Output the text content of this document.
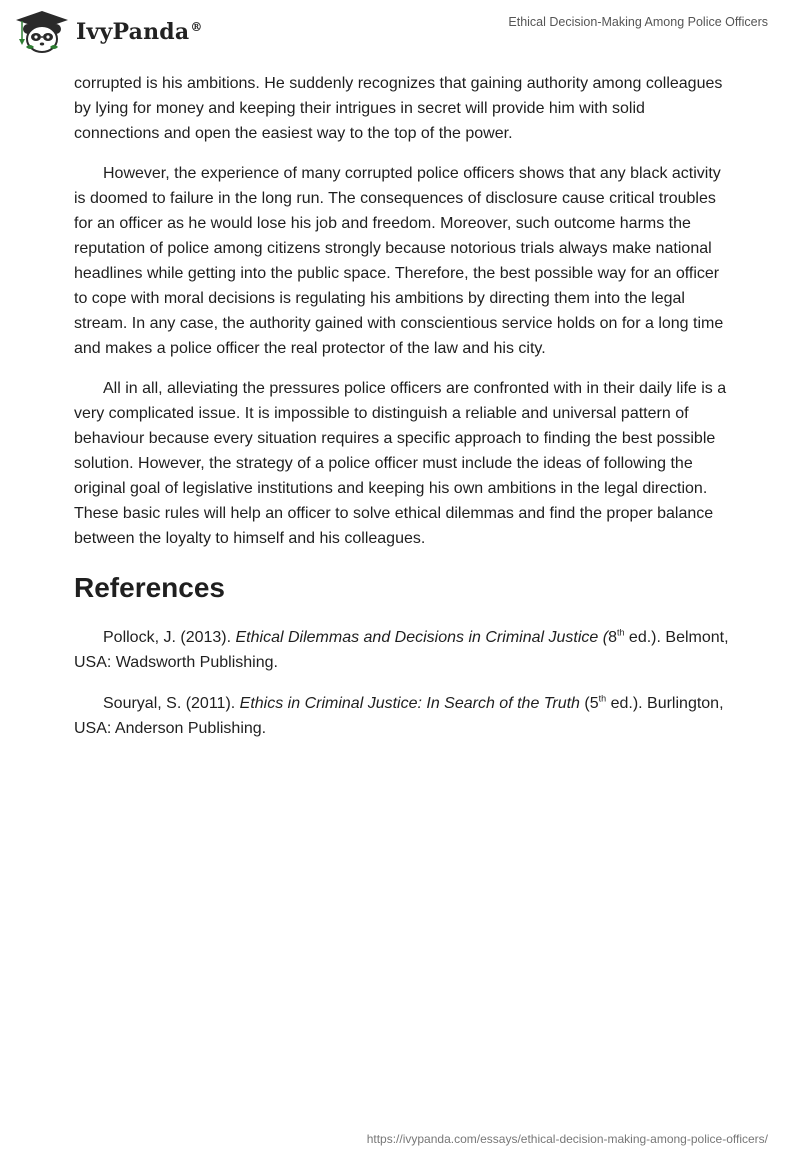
IvyPanda®	Ethical Decision-Making Among Police Officers

corrupted is his ambitions. He suddenly recognizes that gaining authority among colleagues by lying for money and keeping their intrigues in secret will provide him with solid connections and open the easiest way to the top of the power.

However, the experience of many corrupted police officers shows that any black activity is doomed to failure in the long run. The consequences of disclosure cause critical troubles for an officer as he would lose his job and freedom. Moreover, such outcome harms the reputation of police among citizens strongly because notorious trials always make national headlines while getting into the public space. Therefore, the best possible way for an officer to cope with moral decisions is regulating his ambitions by directing them into the legal stream. In any case, the authority gained with conscientious service holds on for a long time and makes a police officer the real protector of the law and his city.

All in all, alleviating the pressures police officers are confronted with in their daily life is a very complicated issue. It is impossible to distinguish a reliable and universal pattern of behaviour because every situation requires a specific approach to finding the best possible solution. However, the strategy of a police officer must include the ideas of following the original goal of legislative institutions and keeping his own ambitions in the legal direction. These basic rules will help an officer to solve ethical dilemmas and find the proper balance between the loyalty to himself and his colleagues.

References

Pollock, J. (2013). Ethical Dilemmas and Decisions in Criminal Justice (8th ed.). Belmont, USA: Wadsworth Publishing.

Souryal, S. (2011). Ethics in Criminal Justice: In Search of the Truth (5th ed.). Burlington, USA: Anderson Publishing.

https://ivypanda.com/essays/ethical-decision-making-among-police-officers/
